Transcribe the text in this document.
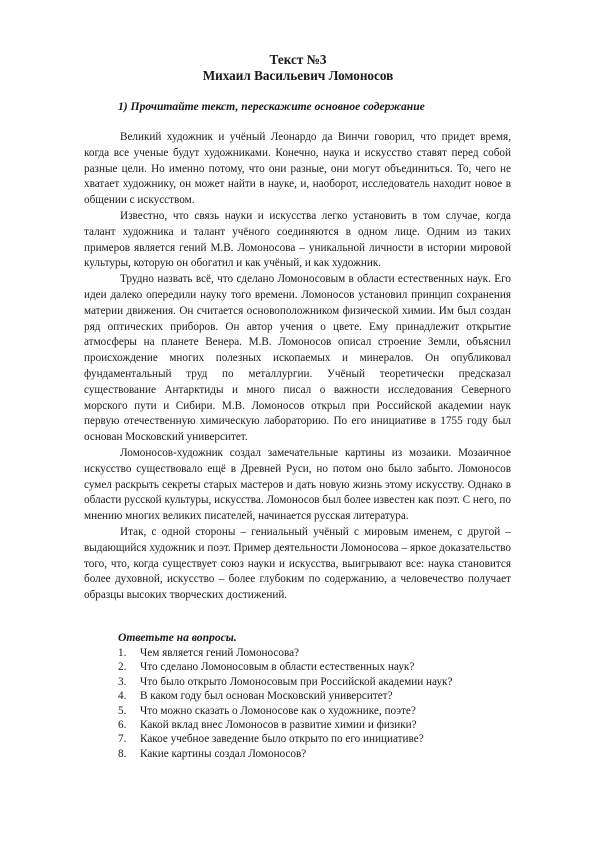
Текст №3
Михаил Васильевич Ломоносов

1) Прочитайте текст, перескажите основное содержание

Великий художник и учёный Леонардо да Винчи говорил, что придет время, когда все ученые будут художниками. Конечно, наука и искусство ставят перед собой разные цели. Но именно потому, что они разные, они могут объединиться. То, чего не хватает художнику, он может найти в науке, и, наоборот, исследователь находит новое в общении с искусством.

Известно, что связь науки и искусства легко установить в том случае, когда талант художника и талант учёного соединяются в одном лице. Одним из таких примеров является гений М.В. Ломоносова – уникальной личности в истории мировой культуры, которую он обогатил и как учёный, и как художник.

Трудно назвать всё, что сделано Ломоносовым в области естественных наук. Его идеи далеко опередили науку того времени. Ломоносов установил принцип сохранения материи движения. Он считается основоположником физической химии. Им был создан ряд оптических приборов. Он автор учения о цвете. Ему принадлежит открытие атмосферы на планете Венера. М.В. Ломоносов описал строение Земли, объяснил происхождение многих полезных ископаемых и минералов. Он опубликовал фундаментальный труд по металлургии. Учёный теоретически предсказал существование Антарктиды и много писал о важности исследования Северного морского пути и Сибири. М.В. Ломоносов открыл при Российской академии наук первую отечественную химическую лабораторию. По его инициативе в 1755 году был основан Московский университет.

Ломоносов-художник создал замечательные картины из мозаики. Мозаичное искусство существовало ещё в Древней Руси, но потом оно было забыто. Ломоносов сумел раскрыть секреты старых мастеров и дать новую жизнь этому искусству. Однако в области русской культуры, искусства. Ломоносов был более известен как поэт. С него, по мнению многих великих писателей, начинается русская литература.

Итак, с одной стороны – гениальный учёный с мировым именем, с другой – выдающийся художник и поэт. Пример деятельности Ломоносова – яркое доказательство того, что, когда существует союз науки и искусства, выигрывают все: наука становится более духовной, искусство – более глубоким по содержанию, а человечество получает образцы высоких творческих достижений.

Ответьте на вопросы.

1.	Чем является гений Ломоносова?
2.	Что сделано Ломоносовым в области естественных наук?
3.	Что было открыто Ломоносовым при Российской академии наук?
4.	В каком году был основан Московский университет?
5.	Что можно сказать о Ломоносове как о художнике, поэте?
6.	Какой вклад внес Ломоносов в развитие химии и физики?
7.	Какое учебное заведение было открыто по его инициативе?
8.	Какие картины создал Ломоносов?
